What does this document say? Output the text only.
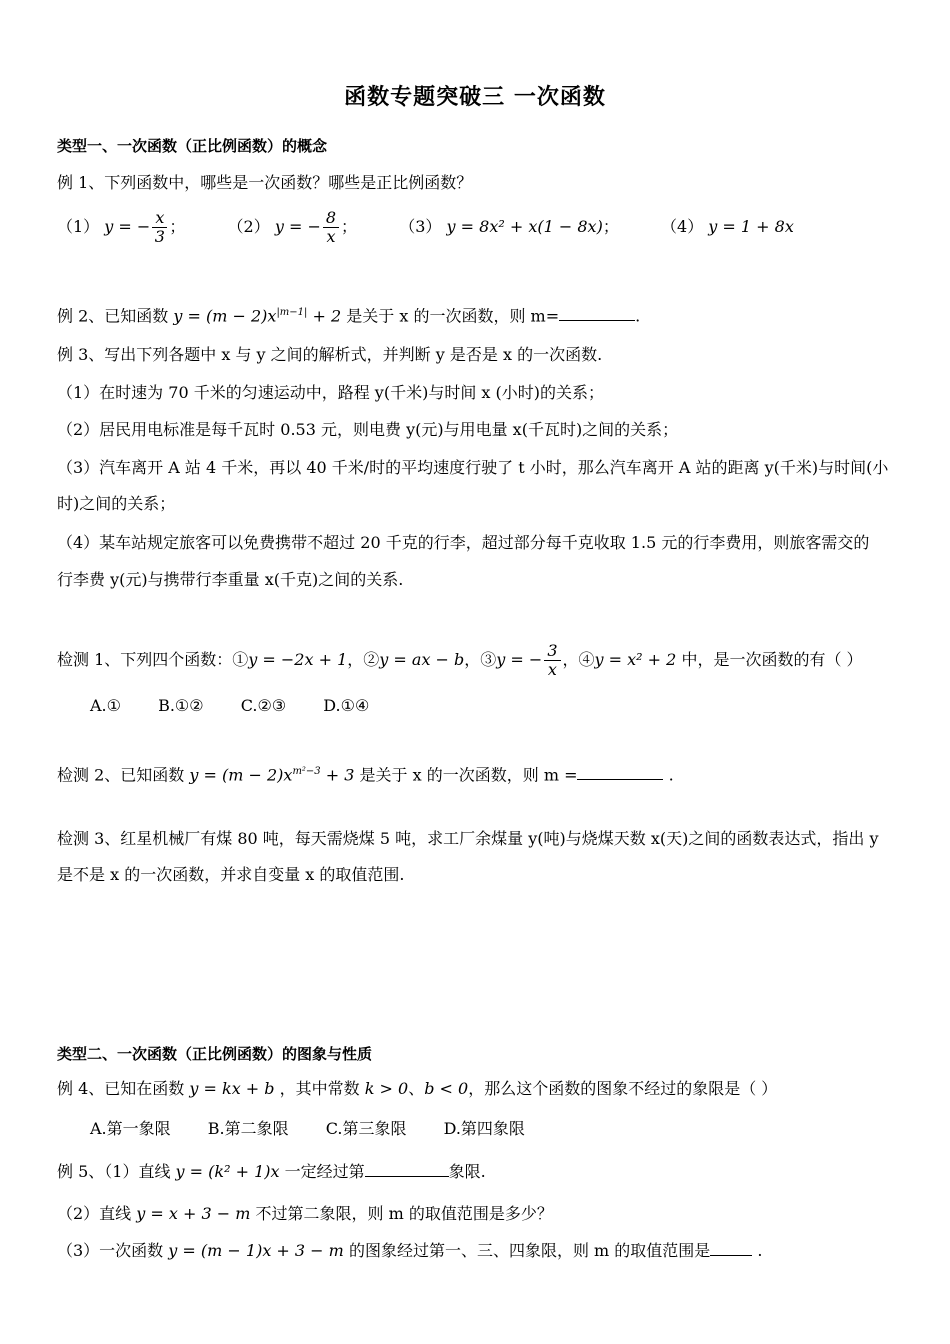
函数专题突破三 一次函数
类型一、一次函数（正比例函数）的概念
例 1、下列函数中，哪些是一次函数？哪些是正比例函数？
（1） y = − $\frac{x}{3}$ ；	（2） y = − $\frac{8}{x}$ ；	（3） y = 8x² + x(1 − 8x)；	（4） y = 1 + 8x
例 2、已知函数 $y = (m - 2)x^{|m-1|} + 2$ 是关于 x 的一次函数，则 m=	.
例 3、写出下列各题中 x 与 y 之间的解析式，并判断 y 是否是 x 的一次函数.
（1）在时速为 70 千米的匀速运动中，路程 y(千米)与时间 x (小时)的关系；
（2）居民用电标准是每千瓦时 0.53 元，则电费 y(元)与用电量 x(千瓦时)之间的关系；
（3）汽车离开 A 站 4 千米，再以 40 千米/时的平均速度行驶了 t 小时，那么汽车离开 A 站的距离 y(千米)与时间(小
时)之间的关系；
（4）某车站规定旅客可以免费携带不超过 20 千克的行李，超过部分每千克收取 1.5 元的行李费用，则旅客需交的
行李费 y(元)与携带行李重量 x(千克)之间的关系.
检测 1、下列四个函数：①y = −2x + 1，②y = ax − b，③y = − $\frac{3}{x}$ ，④y = x² + 2 中，是一次函数的有（ ）
A.① B.①② C.②③ D.①④
检测 2、已知函数 $y = (m - 2)x^{m^2-3} + 3$ 是关于 x 的一次函数，则 m =	.
检测 3、红星机械厂有煤 80 吨，每天需烧煤 5 吨，求工厂余煤量 y(吨)与烧煤天数 x(天)之间的函数表达式，指出 y
是不是 x 的一次函数，并求自变量 x 的取值范围.
类型二、一次函数（正比例函数）的图象与性质
例 4、已知在函数 y = kx + b ，其中常数 k > 0、b < 0，那么这个函数的图象不经过的象限是（ ）
A.第一象限 B.第二象限 C.第三象限 D.第四象限
例 5、（1）直线 y = (k² + 1)x 一定经过第	象限.
（2）直线 y = x + 3 − m 不过第二象限，则 m 的取值范围是多少？
（3）一次函数 y = (m − 1)x + 3 − m 的图象经过第一、三、四象限，则 m 的取值范围是	.
